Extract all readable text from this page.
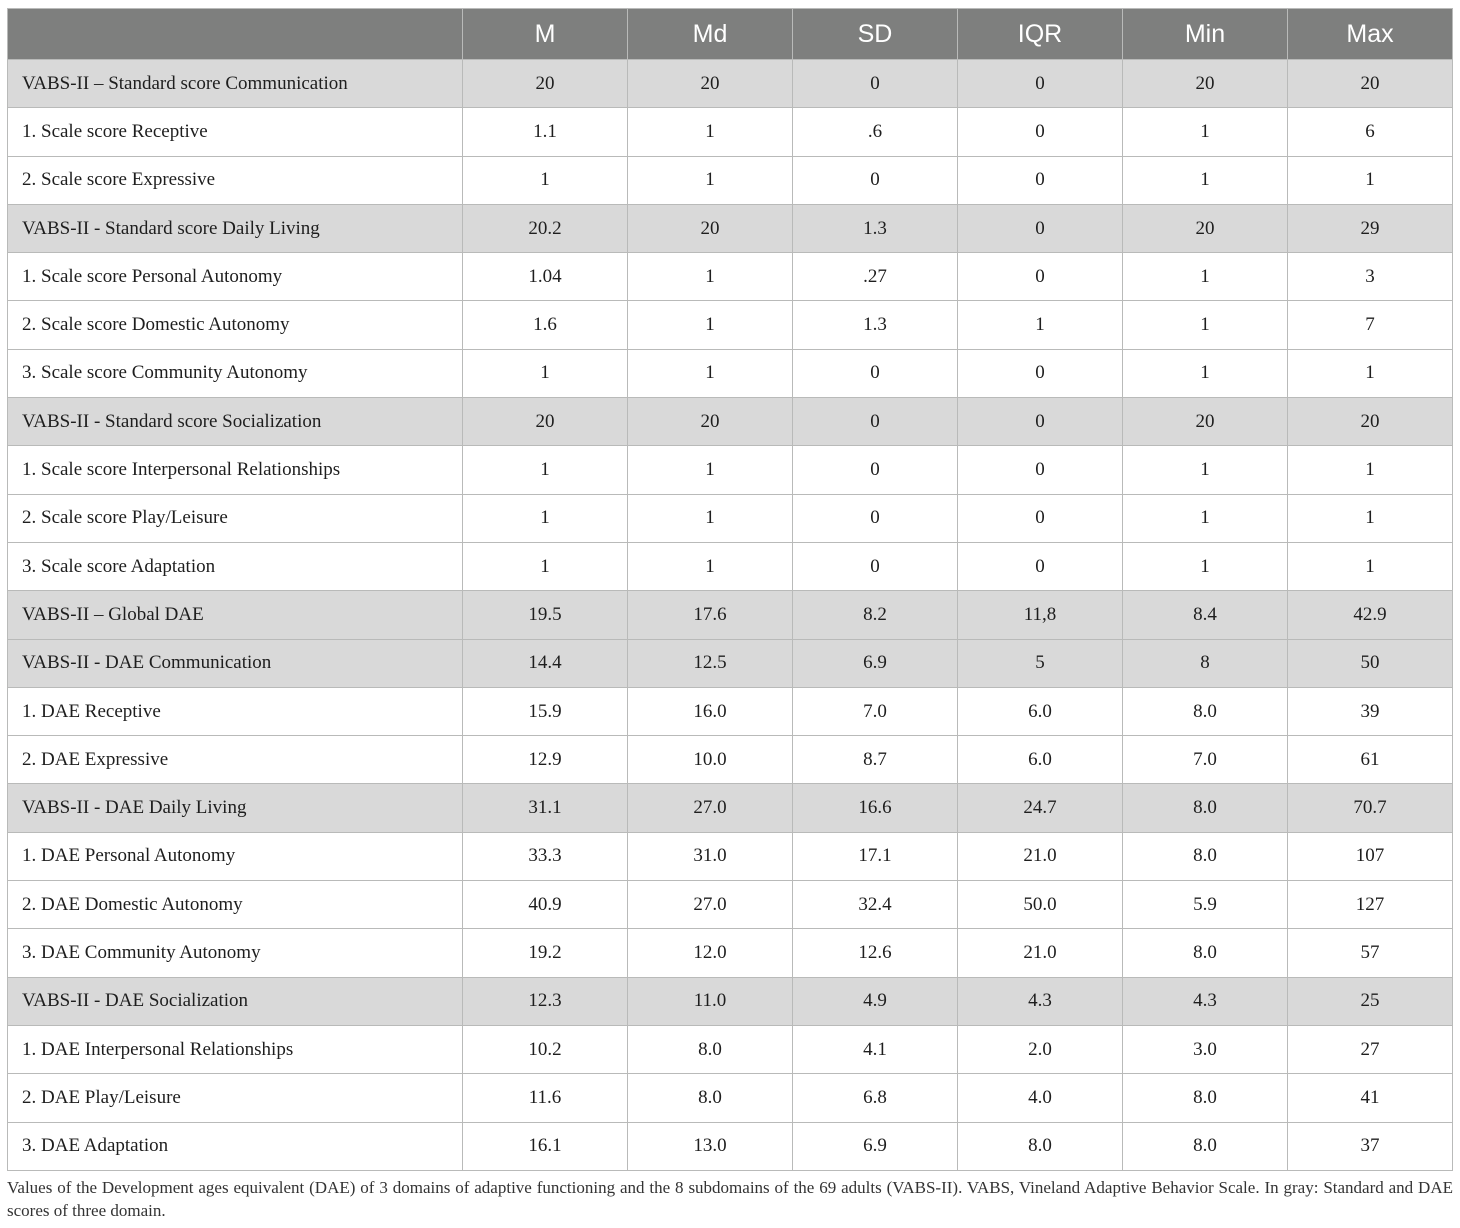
	M	Md	SD	IQR	Min	Max
VABS-II – Standard score Communication	20	20	0	0	20	20
1. Scale score Receptive	1.1	1	.6	0	1	6
2. Scale score Expressive	1	1	0	0	1	1
VABS-II - Standard score Daily Living	20.2	20	1.3	0	20	29
1. Scale score Personal Autonomy	1.04	1	.27	0	1	3
2. Scale score Domestic Autonomy	1.6	1	1.3	1	1	7
3. Scale score Community Autonomy	1	1	0	0	1	1
VABS-II - Standard score Socialization	20	20	0	0	20	20
1. Scale score Interpersonal Relationships	1	1	0	0	1	1
2. Scale score Play/Leisure	1	1	0	0	1	1
3. Scale score Adaptation	1	1	0	0	1	1
VABS-II – Global DAE	19.5	17.6	8.2	11,8	8.4	42.9
VABS-II - DAE Communication	14.4	12.5	6.9	5	8	50
1. DAE Receptive	15.9	16.0	7.0	6.0	8.0	39
2. DAE Expressive	12.9	10.0	8.7	6.0	7.0	61
VABS-II - DAE Daily Living	31.1	27.0	16.6	24.7	8.0	70.7
1. DAE Personal Autonomy	33.3	31.0	17.1	21.0	8.0	107
2. DAE Domestic Autonomy	40.9	27.0	32.4	50.0	5.9	127
3. DAE Community Autonomy	19.2	12.0	12.6	21.0	8.0	57
VABS-II - DAE Socialization	12.3	11.0	4.9	4.3	4.3	25
1. DAE Interpersonal Relationships	10.2	8.0	4.1	2.0	3.0	27
2. DAE Play/Leisure	11.6	8.0	6.8	4.0	8.0	41
3. DAE Adaptation	16.1	13.0	6.9	8.0	8.0	37
Values of the Development ages equivalent (DAE) of 3 domains of adaptive functioning and the 8 subdomains of the 69 adults (VABS-II). VABS, Vineland Adaptive Behavior Scale. In gray: Standard and DAE scores of three domain.
